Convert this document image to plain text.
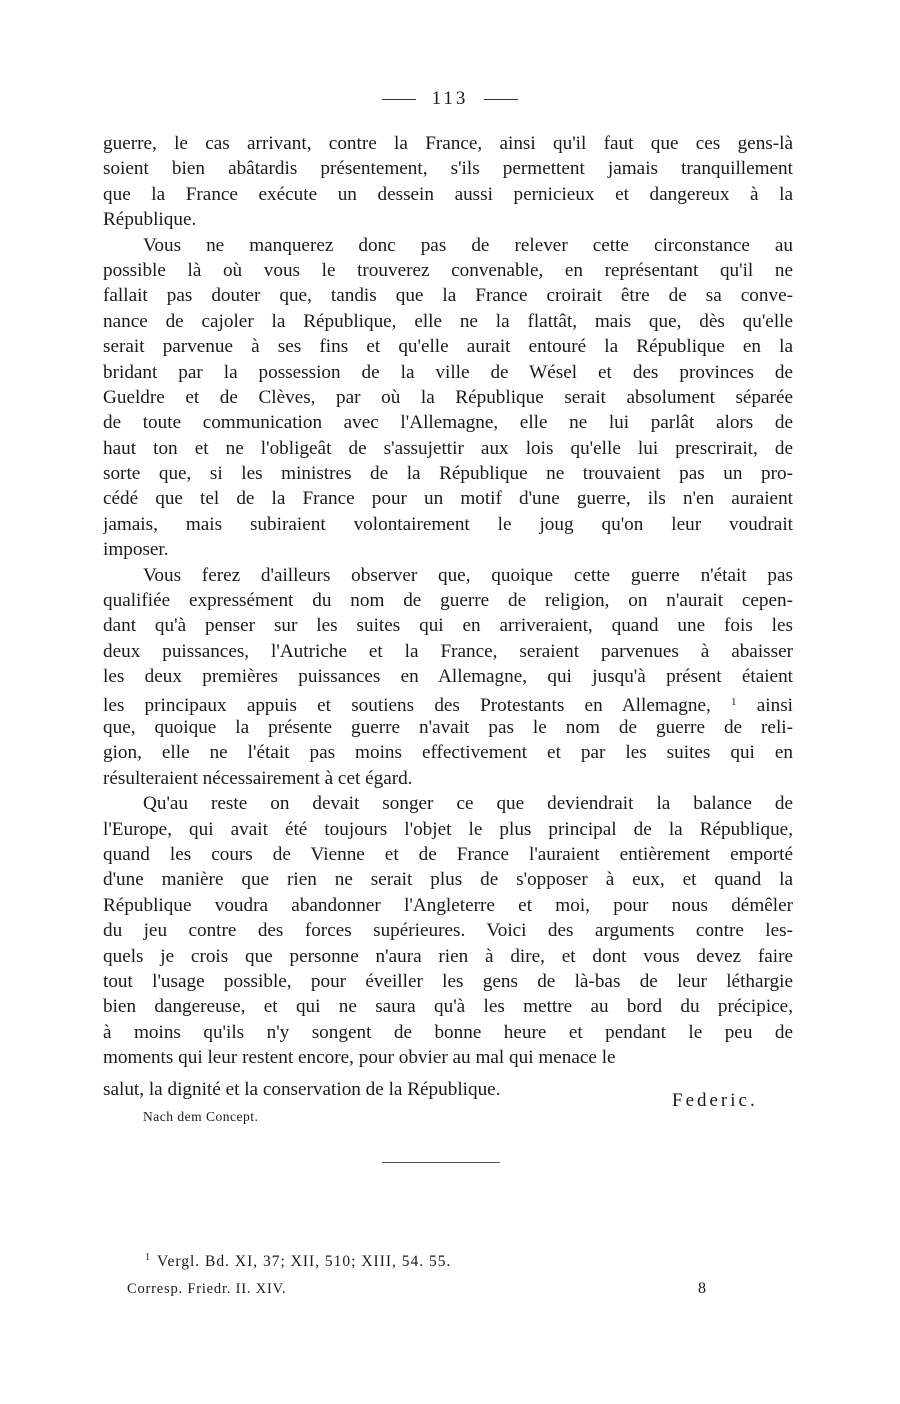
113
guerre, le cas arrivant, contre la France, ainsi qu'il faut que ces gens-là
soient bien abâtardis présentement, s'ils permettent jamais tranquillement
que la France exécute un dessein aussi pernicieux et dangereux à la
République.
Vous ne manquerez donc pas de relever cette circonstance au
possible là où vous le trouverez convenable, en représentant qu'il ne
fallait pas douter que, tandis que la France croirait être de sa conve-
nance de cajoler la République, elle ne la flattât, mais que, dès qu'elle
serait parvenue à ses fins et qu'elle aurait entouré la République en la
bridant par la possession de la ville de Wésel et des provinces de
Gueldre et de Clèves, par où la République serait absolument séparée
de toute communication avec l'Allemagne, elle ne lui parlât alors de
haut ton et ne l'obligeât de s'assujettir aux lois qu'elle lui prescrirait, de
sorte que, si les ministres de la République ne trouvaient pas un pro-
cédé que tel de la France pour un motif d'une guerre, ils n'en auraient
jamais, mais subiraient volontairement le joug qu'on leur voudrait
imposer.
Vous ferez d'ailleurs observer que, quoique cette guerre n'était pas
qualifiée expressément du nom de guerre de religion, on n'aurait cepen-
dant qu'à penser sur les suites qui en arriveraient, quand une fois les
deux puissances, l'Autriche et la France, seraient parvenues à abaisser
les deux premières puissances en Allemagne, qui jusqu'à présent étaient
les principaux appuis et soutiens des Protestants en Allemagne, $^1$ ainsi
que, quoique la présente guerre n'avait pas le nom de guerre de reli-
gion, elle ne l'était pas moins effectivement et par les suites qui en
résulteraient nécessairement à cet égard.
Qu'au reste on devait songer ce que deviendrait la balance de
l'Europe, qui avait été toujours l'objet le plus principal de la République,
quand les cours de Vienne et de France l'auraient entièrement emporté
d'une manière que rien ne serait plus de s'opposer à eux, et quand la
République voudra abandonner l'Angleterre et moi, pour nous démêler
du jeu contre des forces supérieures. Voici des arguments contre les-
quels je crois que personne n'aura rien à dire, et dont vous devez faire
tout l'usage possible, pour éveiller les gens de là-bas de leur léthargie
bien dangereuse, et qui ne saura qu'à les mettre au bord du précipice,
à moins qu'ils n'y songent de bonne heure et pendant le peu de
moments qui leur restent encore, pour obvier au mal qui menace le
salut, la dignité et la conservation de la République.
Federic.
Nach dem Concept.
$^1$ Vergl. Bd. XI, 37; XII, 510; XIII, 54. 55.
Corresp. Friedr. II. XIV.	8
